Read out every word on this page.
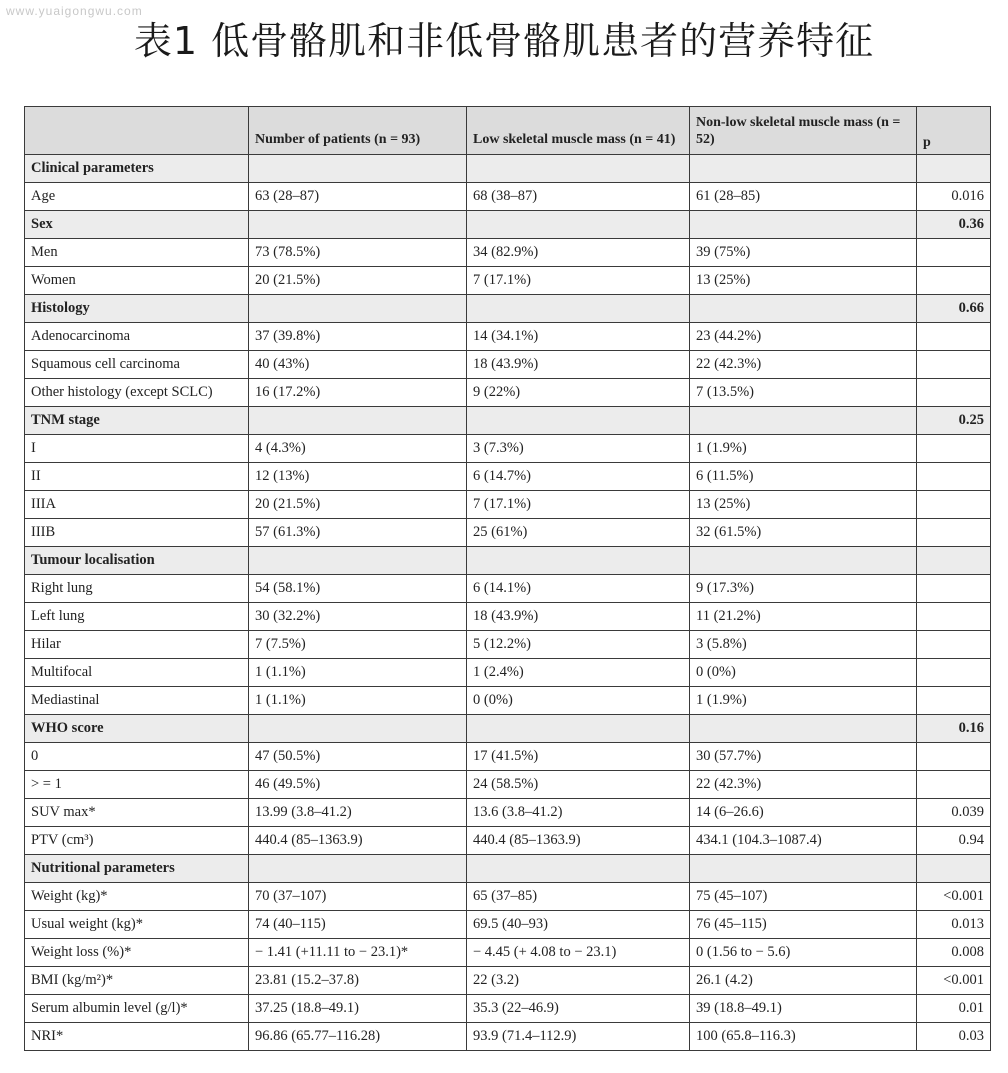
www.yuaigongwu.com
表1 低骨骼肌和非低骨骼肌患者的营养特征
	Number of patients (n = 93)	Low skeletal muscle mass (n = 41)	Non-low skeletal muscle mass (n = 52)	p
Clinical parameters				
Age	63 (28–87)	68 (38–87)	61 (28–85)	0.016
Sex				0.36
Men	73 (78.5%)	34 (82.9%)	39 (75%)	
Women	20 (21.5%)	7 (17.1%)	13 (25%)	
Histology				0.66
Adenocarcinoma	37 (39.8%)	14 (34.1%)	23 (44.2%)	
Squamous cell carcinoma	40 (43%)	18 (43.9%)	22 (42.3%)	
Other histology (except SCLC)	16 (17.2%)	9 (22%)	7 (13.5%)	
TNM stage				0.25
I	4 (4.3%)	3 (7.3%)	1 (1.9%)	
II	12 (13%)	6 (14.7%)	6 (11.5%)	
IIIA	20 (21.5%)	7 (17.1%)	13 (25%)	
IIIB	57 (61.3%)	25 (61%)	32 (61.5%)	
Tumour localisation				
Right lung	54 (58.1%)	6 (14.1%)	9 (17.3%)	
Left lung	30 (32.2%)	18 (43.9%)	11 (21.2%)	
Hilar	7 (7.5%)	5 (12.2%)	3 (5.8%)	
Multifocal	1 (1.1%)	1 (2.4%)	0 (0%)	
Mediastinal	1 (1.1%)	0 (0%)	1 (1.9%)	
WHO score				0.16
0	47 (50.5%)	17 (41.5%)	30 (57.7%)	
> = 1	46 (49.5%)	24 (58.5%)	22 (42.3%)	
SUV max*	13.99 (3.8–41.2)	13.6 (3.8–41.2)	14 (6–26.6)	0.039
PTV (cm³)	440.4 (85–1363.9)	440.4 (85–1363.9)	434.1 (104.3–1087.4)	0.94
Nutritional parameters				
Weight (kg)*	70 (37–107)	65 (37–85)	75 (45–107)	<0.001
Usual weight (kg)*	74 (40–115)	69.5 (40–93)	76 (45–115)	0.013
Weight loss (%)*	− 1.41 (+11.11 to − 23.1)*	− 4.45 (+ 4.08 to − 23.1)	0 (1.56 to − 5.6)	0.008
BMI (kg/m²)*	23.81 (15.2–37.8)	22 (3.2)	26.1 (4.2)	<0.001
Serum albumin level (g/l)*	37.25 (18.8–49.1)	35.3 (22–46.9)	39 (18.8–49.1)	0.01
NRI*	96.86 (65.77–116.28)	93.9 (71.4–112.9)	100 (65.8–116.3)	0.03
